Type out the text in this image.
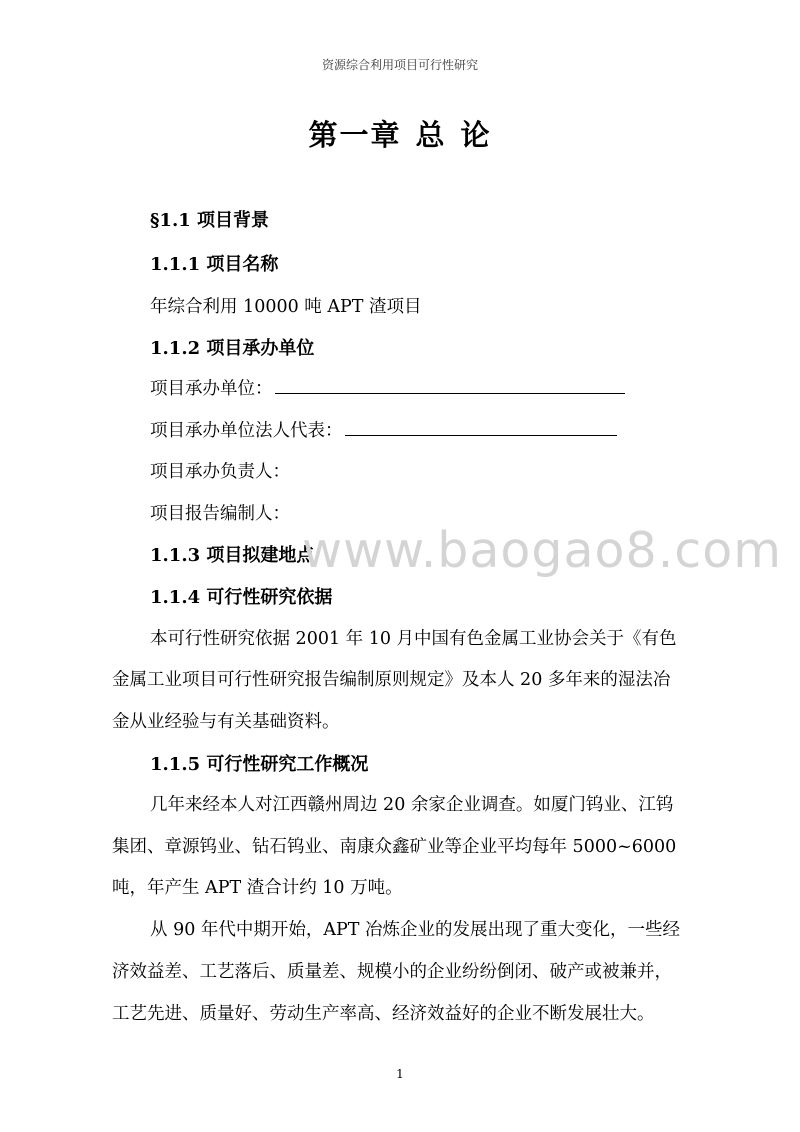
资源综合利用项目可行性研究
第一章 总 论
§1.1 项目背景
1.1.1 项目名称
年综合利用 10000 吨 APT 渣项目
1.1.2 项目承办单位
项目承办单位：
项目承办单位法人代表：
项目承办负责人：
项目报告编制人：
1.1.3 项目拟建地点
1.1.4 可行性研究依据
本可行性研究依据 2001 年 10 月中国有色金属工业协会关于《有色
金属工业项目可行性研究报告编制原则规定》及本人 20 多年来的湿法冶
金从业经验与有关基础资料。
1.1.5 可行性研究工作概况
几年来经本人对江西赣州周边 20 余家企业调查。如厦门钨业、江钨
集团、章源钨业、钻石钨业、南康众鑫矿业等企业平均每年 5000~6000
吨，年产生 APT 渣合计约 10 万吨。
从 90 年代中期开始，APT 冶炼企业的发展出现了重大变化，一些经
济效益差、工艺落后、质量差、规模小的企业纷纷倒闭、破产或被兼并，
工艺先进、质量好、劳动生产率高、经济效益好的企业不断发展壮大。
www.baogao8.com
1
